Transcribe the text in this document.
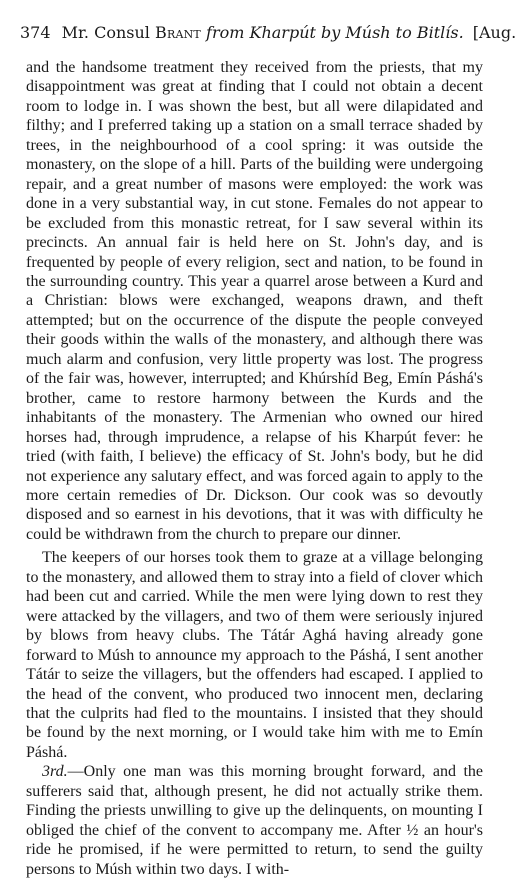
374 Mr. Consul Brant from Kharpút by Músh to Bitlís. [Aug.

and the handsome treatment they received from the priests, that my disappointment was great at finding that I could not obtain a decent room to lodge in. I was shown the best, but all were dilapidated and filthy; and I preferred taking up a station on a small terrace shaded by trees, in the neighbourhood of a cool spring: it was outside the monastery, on the slope of a hill. Parts of the building were undergoing repair, and a great number of masons were employed: the work was done in a very substantial way, in cut stone. Females do not appear to be excluded from this monastic retreat, for I saw several within its precincts. An annual fair is held here on St. John's day, and is frequented by people of every religion, sect and nation, to be found in the surrounding country. This year a quarrel arose between a Kurd and a Christian: blows were exchanged, weapons drawn, and theft attempted; but on the occurrence of the dispute the people conveyed their goods within the walls of the monastery, and although there was much alarm and confusion, very little property was lost. The progress of the fair was, however, interrupted; and Khúrshíd Beg, Emín Páshá's brother, came to restore harmony between the Kurds and the inhabitants of the monastery. The Armenian who owned our hired horses had, through imprudence, a relapse of his Kharpút fever: he tried (with faith, I believe) the efficacy of St. John's body, but he did not experience any salutary effect, and was forced again to apply to the more certain remedies of Dr. Dickson. Our cook was so devoutly disposed and so earnest in his devotions, that it was with difficulty he could be withdrawn from the church to prepare our dinner.

The keepers of our horses took them to graze at a village belonging to the monastery, and allowed them to stray into a field of clover which had been cut and carried. While the men were lying down to rest they were attacked by the villagers, and two of them were seriously injured by blows from heavy clubs. The Tátár Aghá having already gone forward to Músh to announce my approach to the Páshá, I sent another Tátár to seize the villagers, but the offenders had escaped. I applied to the head of the convent, who produced two innocent men, declaring that the culprits had fled to the mountains. I insisted that they should be found by the next morning, or I would take him with me to Emín Páshá.

3rd.—Only one man was this morning brought forward, and the sufferers said that, although present, he did not actually strike them. Finding the priests unwilling to give up the delinquents, on mounting I obliged the chief of the convent to accompany me. After ½ an hour's ride he promised, if he were permitted to return, to send the guilty persons to Músh within two days. I with-
